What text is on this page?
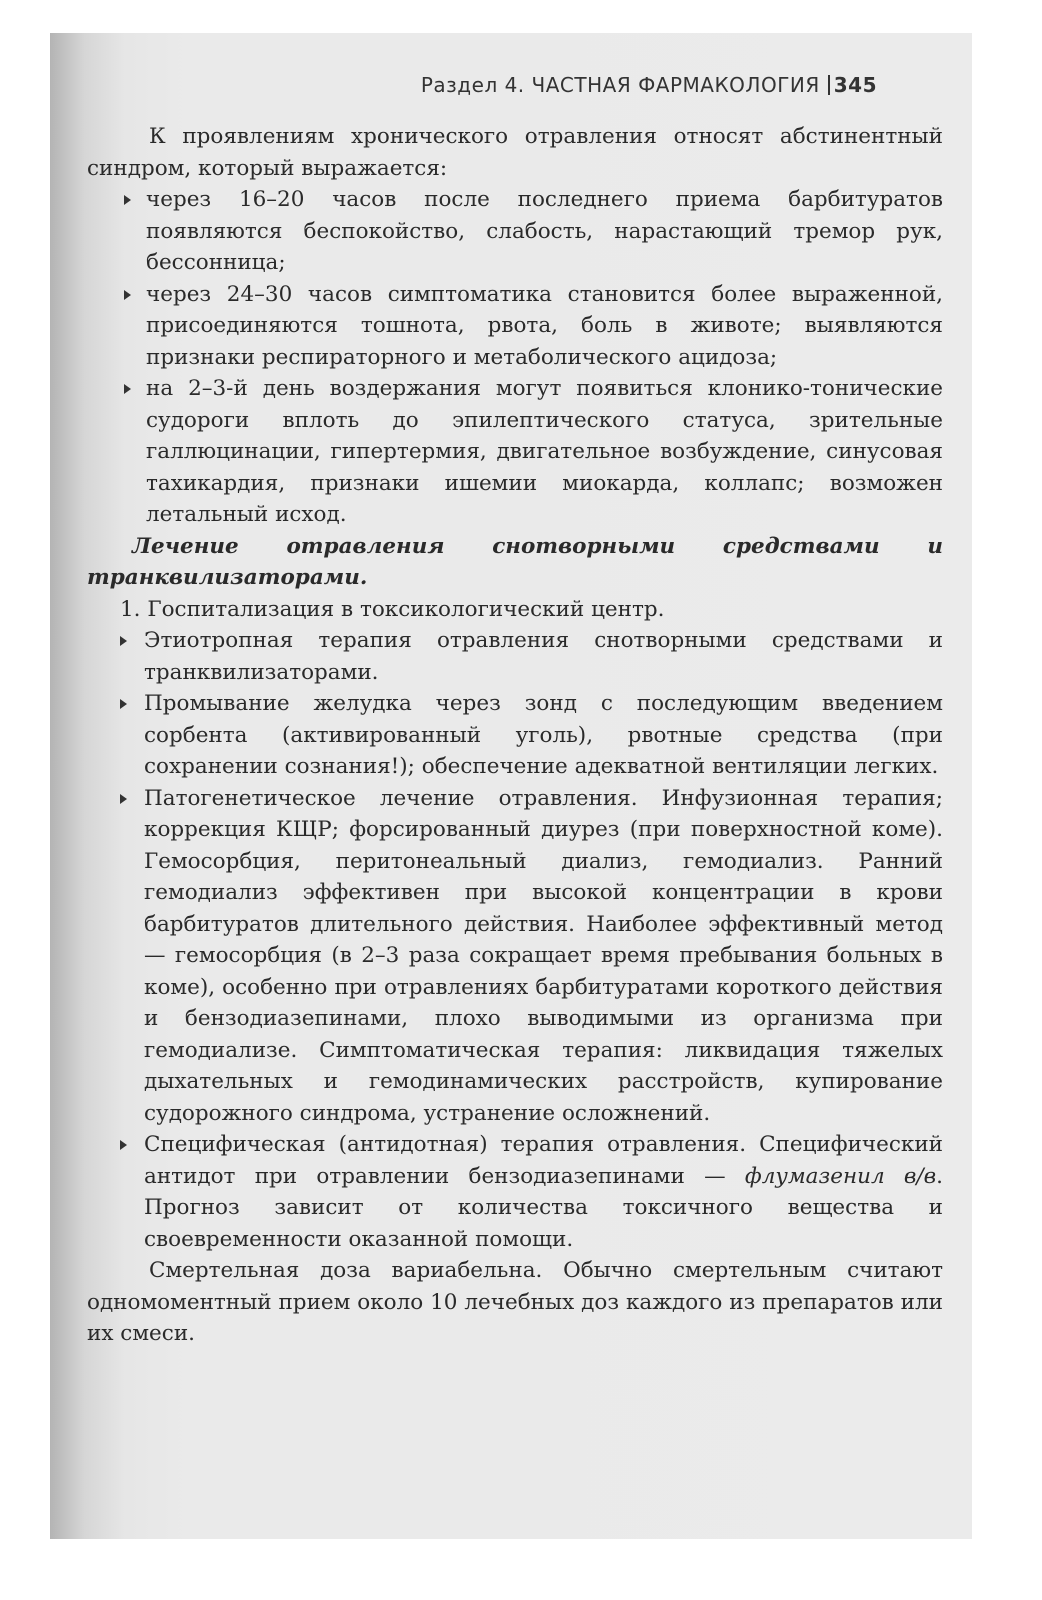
Раздел 4. ЧАСТНАЯ ФАРМАКОЛОГИЯ 345

К проявлениям хронического отравления относят абстинентный синдром, который выражается:

через 16–20 часов после последнего приема барбитуратов появляются беспокойство, слабость, нарастающий тремор рук, бессонница;

через 24–30 часов симптоматика становится более выраженной, присоединяются тошнота, рвота, боль в животе; выявляются признаки респираторного и метаболического ацидоза;

на 2–3-й день воздержания могут появиться клонико-тонические судороги вплоть до эпилептического статуса, зрительные галлюцинации, гипертермия, двигательное возбуждение, синусовая тахикардия, признаки ишемии миокарда, коллапс; возможен летальный исход.

Лечение отравления снотворными средствами и транквилизаторами.

1. Госпитализация в токсикологический центр.

Этиотропная терапия отравления снотворными средствами и транквилизаторами.

Промывание желудка через зонд с последующим введением сорбента (активированный уголь), рвотные средства (при сохранении сознания!); обеспечение адекватной вентиляции легких.

Патогенетическое лечение отравления. Инфузионная терапия; коррекция КЩР; форсированный диурез (при поверхностной коме). Гемосорбция, перитонеальный диализ, гемодиализ. Ранний гемодиализ эффективен при высокой концентрации в крови барбитуратов длительного действия. Наиболее эффективный метод — гемосорбция (в 2–3 раза сокращает время пребывания больных в коме), особенно при отравлениях барбитуратами короткого действия и бензодиазепинами, плохо выводимыми из организма при гемодиализе. Симптоматическая терапия: ликвидация тяжелых дыхательных и гемодинамических расстройств, купирование судорожного синдрома, устранение осложнений.

Специфическая (антидотная) терапия отравления. Специфический антидот при отравлении бензодиазепинами — флумазенил в/в. Прогноз зависит от количества токсичного вещества и своевременности оказанной помощи.

Смертельная доза вариабельна. Обычно смертельным считают одномоментный прием около 10 лечебных доз каждого из препаратов или их смеси.
